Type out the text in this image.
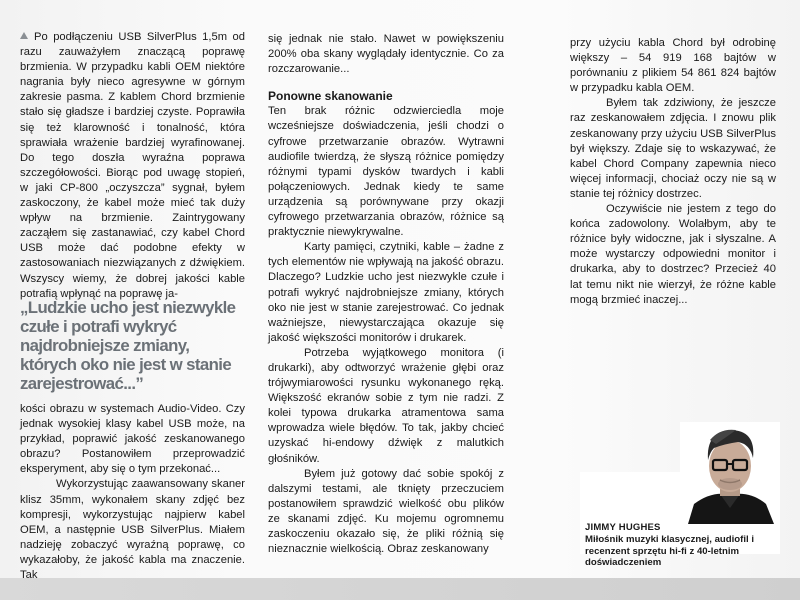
Po podłączeniu USB SilverPlus 1,5m od razu zauważyłem znaczącą poprawę brzmienia. W przypadku kabli OEM niektóre nagrania były nieco agresywne w górnym zakresie pasma. Z kablem Chord brzmienie stało się gładsze i bardziej czyste. Poprawiła się też klarowność i tonalność, która sprawiała wrażenie bardziej wyrafinowanej. Do tego doszła wyraźna poprawa szczegółowości. Biorąc pod uwagę stopień, w jaki CP-800 „oczyszcza” sygnał, byłem zaskoczony, że kabel może mieć tak duży wpływ na brzmienie. Zaintrygowany zacząłem się zastanawiać, czy kabel Chord USB może dać podobne efekty w zastosowaniach niezwiązanych z dźwiękiem. Wszyscy wiemy, że dobrej jakości kable potrafią wpłynąć na poprawę ja-

„Ludzkie ucho jest niezwykle czułe i potrafi wykryć najdrobniejsze zmiany, których oko nie jest w stanie zarejestrować...”

kości obrazu w systemach Audio-Video. Czy jednak wysokiej klasy kabel USB może, na przykład, poprawić jakość zeskanowanego obrazu? Postanowiłem przeprowadzić eksperyment, aby się o tym przekonać...

Wykorzystując zaawansowany skaner klisz 35mm, wykonałem skany zdjęć bez kompresji, wykorzystując najpierw kabel OEM, a następnie USB SilverPlus. Miałem nadzieję zobaczyć wyraźną poprawę, co wykazałoby, że jakość kabla ma znaczenie. Tak

się jednak nie stało. Nawet w powiększeniu 200% oba skany wyglądały identycznie. Co za rozczarowanie...

Ponowne skanowanie

Ten brak różnic odzwierciedla moje wcześniejsze doświadczenia, jeśli chodzi o cyfrowe przetwarzanie obrazów. Wytrawni audiofile twierdzą, że słyszą różnice pomiędzy różnymi typami dysków twardych i kabli połączeniowych. Jednak kiedy te same urządzenia są porównywane przy okazji cyfrowego przetwarzania obrazów, różnice są praktycznie niewykrywalne.

Karty pamięci, czytniki, kable – żadne z tych elementów nie wpływają na jakość obrazu. Dlaczego? Ludzkie ucho jest niezwykle czułe i potrafi wykryć najdrobniejsze zmiany, których oko nie jest w stanie zarejestrować. Co jednak ważniejsze, niewystarczająca okazuje się jakość większości monitorów i drukarek.

Potrzeba wyjątkowego monitora (i drukarki), aby odtworzyć wrażenie głębi oraz trójwymiarowości rysunku wykonanego ręką. Większość ekranów sobie z tym nie radzi. Z kolei typowa drukarka atramentowa sama wprowadza wiele błędów. To tak, jakby chcieć uzyskać hi-endowy dźwięk z malutkich głośników.

Byłem już gotowy dać sobie spokój z dalszymi testami, ale tknięty przeczuciem postanowiłem sprawdzić wielkość obu plików ze skanami zdjęć. Ku mojemu ogromnemu zaskoczeniu okazało się, że pliki różnią się nieznacznie wielkością. Obraz zeskanowany

przy użyciu kabla Chord był odrobinę większy – 54 919 168 bajtów w porównaniu z plikiem 54 861 824 bajtów w przypadku kabla OEM.

Byłem tak zdziwiony, że jeszcze raz zeskanowałem zdjęcia. I znowu plik zeskanowany przy użyciu USB SilverPlus był większy. Zdaje się to wskazywać, że kabel Chord Company zapewnia nieco więcej informacji, chociaż oczy nie są w stanie tej różnicy dostrzec.

Oczywiście nie jestem z tego do końca zadowolony. Wolałbym, aby te różnice były widoczne, jak i słyszalne. A może wystarczy odpowiedni monitor i drukarka, aby to dostrzec? Przecież 40 lat temu nikt nie wierzył, że różne kable mogą brzmieć inaczej...

JIMMY HUGHES
Miłośnik muzyki klasycznej, audiofil i recenzent sprzętu hi-fi z 40-letnim doświadczeniem
